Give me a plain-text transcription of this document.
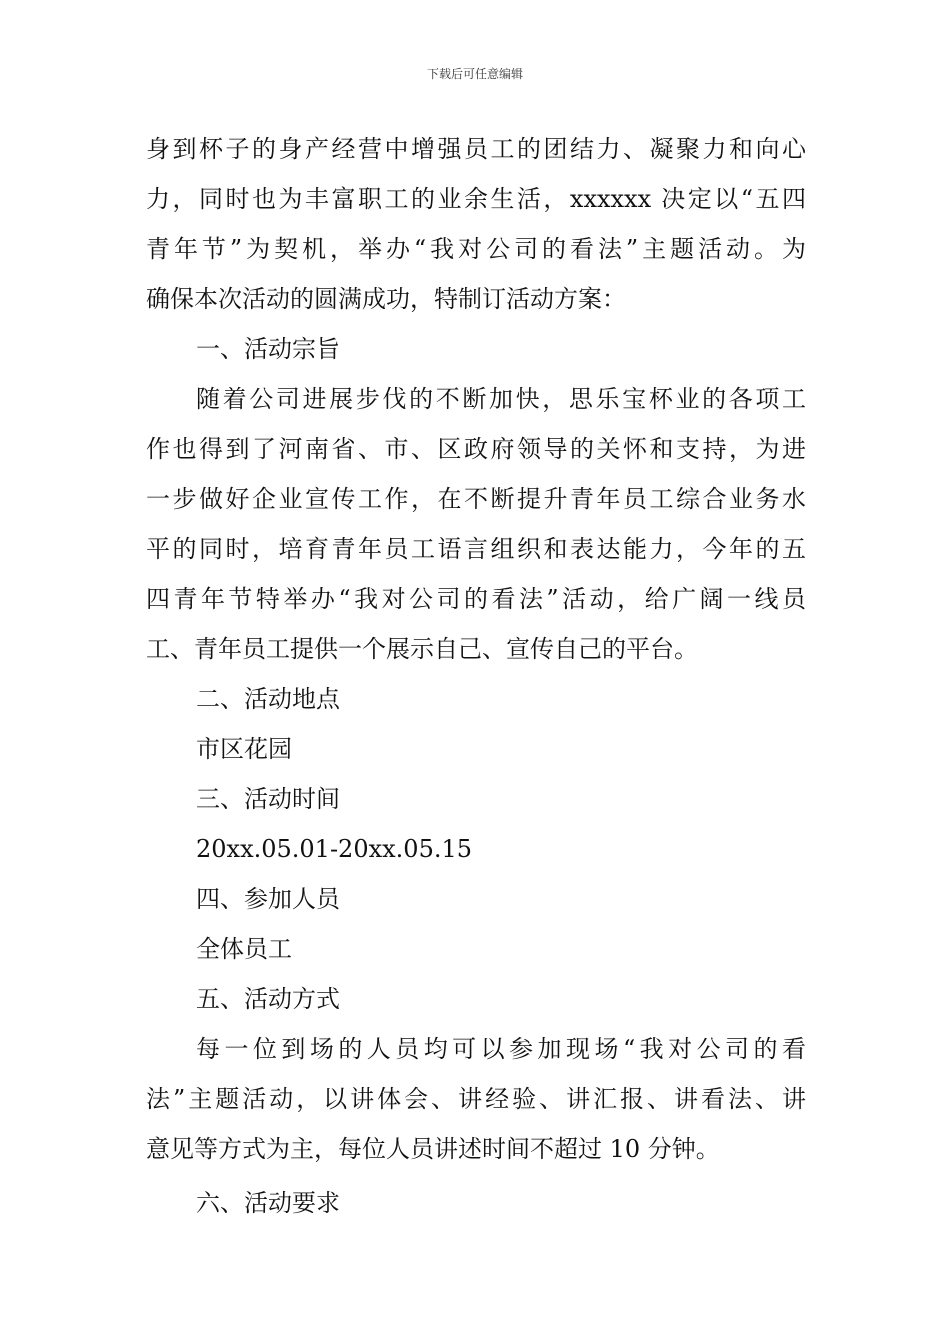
下载后可任意编辑
身到杯子的身产经营中增强员工的团结力、凝聚力和向心
力，同时也为丰富职工的业余生活，xxxxxx 决定以“五四
青年节”为契机，举办“我对公司的看法”主题活动。为
确保本次活动的圆满成功，特制订活动方案：
一、活动宗旨
随着公司进展步伐的不断加快，思乐宝杯业的各项工
作也得到了河南省、市、区政府领导的关怀和支持，为进
一步做好企业宣传工作，在不断提升青年员工综合业务水
平的同时，培育青年员工语言组织和表达能力，今年的五
四青年节特举办“我对公司的看法”活动，给广阔一线员
工、青年员工提供一个展示自己、宣传自己的平台。
二、活动地点
市区花园
三、活动时间
20xx.05.01-20xx.05.15
四、参加人员
全体员工
五、活动方式
每一位到场的人员均可以参加现场“我对公司的看
法”主题活动，以讲体会、讲经验、讲汇报、讲看法、讲
意见等方式为主，每位人员讲述时间不超过 10 分钟。
六、活动要求
